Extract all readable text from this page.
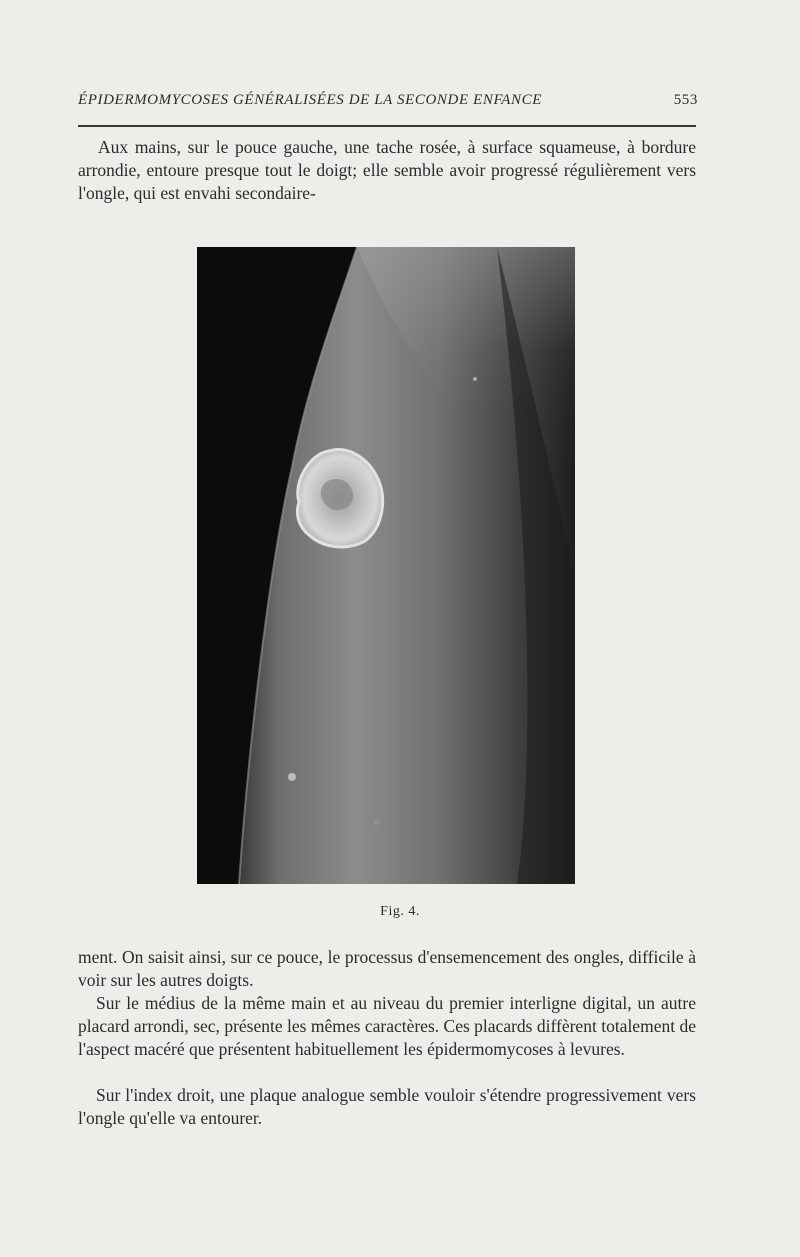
ÉPIDERMOMYCOSES GÉNÉRALISÉES DE LA SECONDE ENFANCE	553

Aux mains, sur le pouce gauche, une tache rosée, à surface squameuse, à bordure arrondie, entoure presque tout le doigt; elle semble avoir progressé régulièrement vers l'ongle, qui est envahi secondaire-

Fig. 4.

ment. On saisit ainsi, sur ce pouce, le processus d'ensemencement des ongles, difficile à voir sur les autres doigts.

Sur le médius de la même main et au niveau du premier interligne digital, un autre placard arrondi, sec, présente les mêmes caractères. Ces placards diffèrent totalement de l'aspect macéré que présentent habituellement les épidermomycoses à levures.

Sur l'index droit, une plaque analogue semble vouloir s'étendre progressivement vers l'ongle qu'elle va entourer.
